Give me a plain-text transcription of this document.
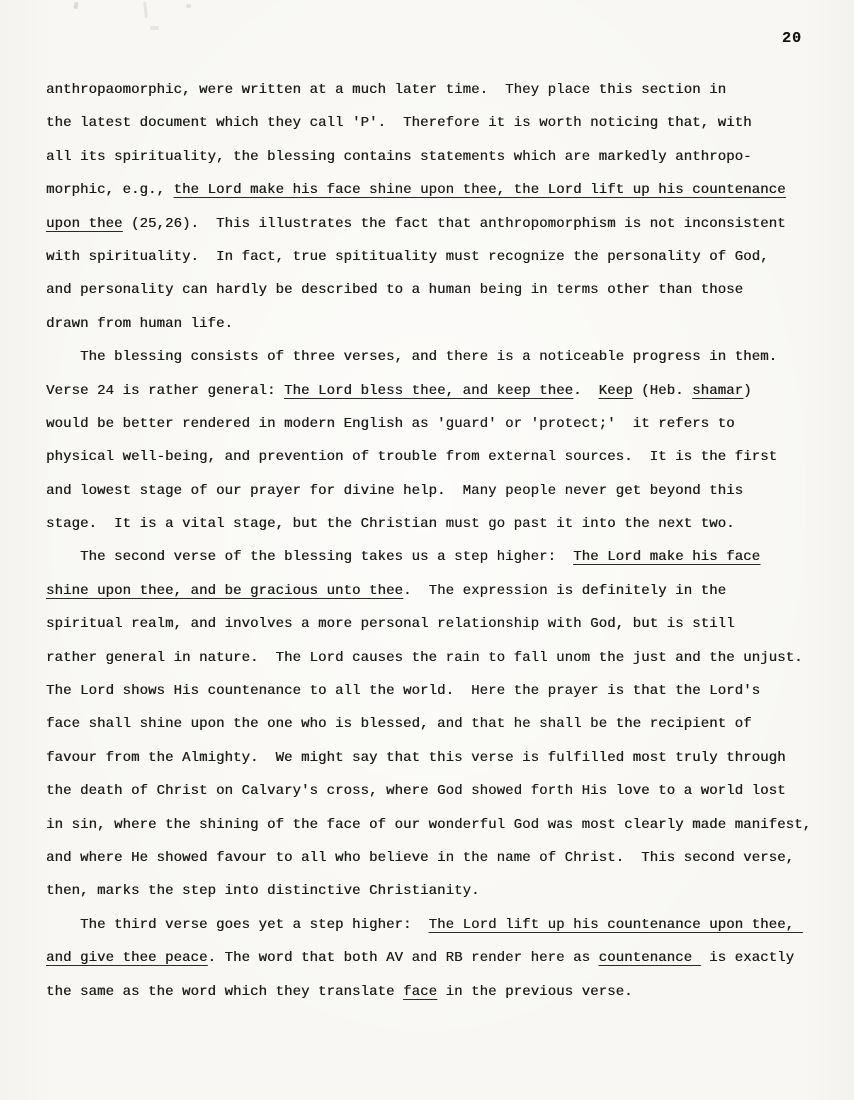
20
anthropaomorphic, were written at a much later time.  They place this section in
the latest document which they call 'P'.  Therefore it is worth noticing that, with
all its spirituality, the blessing contains statements which are markedly anthropo-
morphic, e.g., the Lord make his face shine upon thee, the Lord lift up his countenance
upon thee (25,26).  This illustrates the fact that anthropomorphism is not inconsistent
with spirituality.  In fact, true spitituality must recognize the personality of God,
and personality can hardly be described to a human being in terms other than those
drawn from human life.
The blessing consists of three verses, and there is a noticeable progress in them.
Verse 24 is rather general: The Lord bless thee, and keep thee.  Keep (Heb. shamar)
would be better rendered in modern English as 'guard' or 'protect;'  it refers to
physical well-being, and prevention of trouble from external sources.  It is the first
and lowest stage of our prayer for divine help.  Many people never get beyond this
stage.  It is a vital stage, but the Christian must go past it into the next two.
The second verse of the blessing takes us a step higher:  The Lord make his face
shine upon thee, and be gracious unto thee.  The expression is definitely in the
spiritual realm, and involves a more personal relationship with God, but is still
rather general in nature.  The Lord causes the rain to fall unom the just and the unjust.
The Lord shows His countenance to all the world.  Here the prayer is that the Lord's
face shall shine upon the one who is blessed, and that he shall be the recipient of
favour from the Almighty.  We might say that this verse is fulfilled most truly through
the death of Christ on Calvary's cross, where God showed forth His love to a world lost
in sin, where the shining of the face of our wonderful God was most clearly made manifest,
and where He showed favour to all who believe in the name of Christ.  This second verse,
then, marks the step into distinctive Christianity.
The third verse goes yet a step higher:  The Lord lift up his countenance upon thee,
and give thee peace. The word that both AV and RB render here as countenance  is exactly
the same as the word which they translate face in the previous verse.
